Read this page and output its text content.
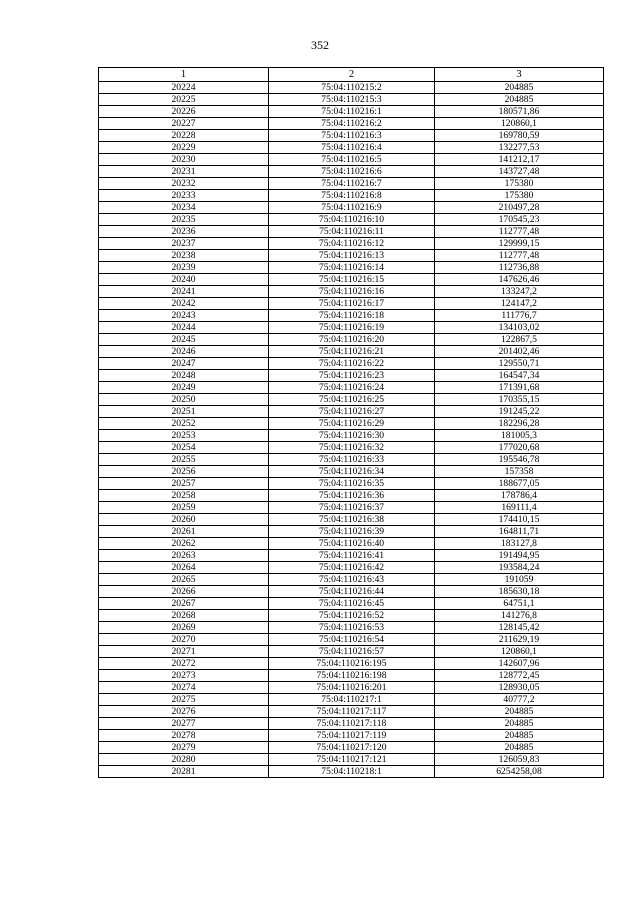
352
1	2	3
20224	75:04:110215:2	204885
20225	75:04:110215:3	204885
20226	75:04:110216:1	180571,86
20227	75:04:110216:2	120860,1
20228	75:04:110216:3	169780,59
20229	75:04:110216:4	132277,53
20230	75:04:110216:5	141212,17
20231	75:04:110216:6	143727,48
20232	75:04:110216:7	175380
20233	75:04:110216:8	175380
20234	75:04:110216:9	210497,28
20235	75:04:110216:10	170545,23
20236	75:04:110216:11	112777,48
20237	75:04:110216:12	129999,15
20238	75:04:110216:13	112777,48
20239	75:04:110216:14	112736,88
20240	75:04:110216:15	147626,46
20241	75:04:110216:16	133247,2
20242	75:04:110216:17	124147,2
20243	75:04:110216:18	111776,7
20244	75:04:110216:19	134103,02
20245	75:04:110216:20	122867,5
20246	75:04:110216:21	201402,46
20247	75:04:110216:22	129550,71
20248	75:04:110216:23	164547,34
20249	75:04:110216:24	171391,68
20250	75:04:110216:25	170355,15
20251	75:04:110216:27	191245,22
20252	75:04:110216:29	182296,28
20253	75:04:110216:30	181005,3
20254	75:04:110216:32	177020,68
20255	75:04:110216:33	195546,78
20256	75:04:110216:34	157358
20257	75:04:110216:35	188677,05
20258	75:04:110216:36	178786,4
20259	75:04:110216:37	169111,4
20260	75:04:110216:38	174410,15
20261	75:04:110216:39	164811,71
20262	75:04:110216:40	183127,8
20263	75:04:110216:41	191494,95
20264	75:04:110216:42	193584,24
20265	75:04:110216:43	191059
20266	75:04:110216:44	185630,18
20267	75:04:110216:45	64751,1
20268	75:04:110216:52	141276,8
20269	75:04:110216:53	128145,42
20270	75:04:110216:54	211629,19
20271	75:04:110216:57	120860,1
20272	75:04:110216:195	142607,96
20273	75:04:110216:198	128772,45
20274	75:04:110216:201	128930,05
20275	75:04:110217:1	40777,2
20276	75:04:110217:117	204885
20277	75:04:110217:118	204885
20278	75:04:110217:119	204885
20279	75:04:110217:120	204885
20280	75:04:110217:121	126059,83
20281	75:04:110218:1	6254258,08
